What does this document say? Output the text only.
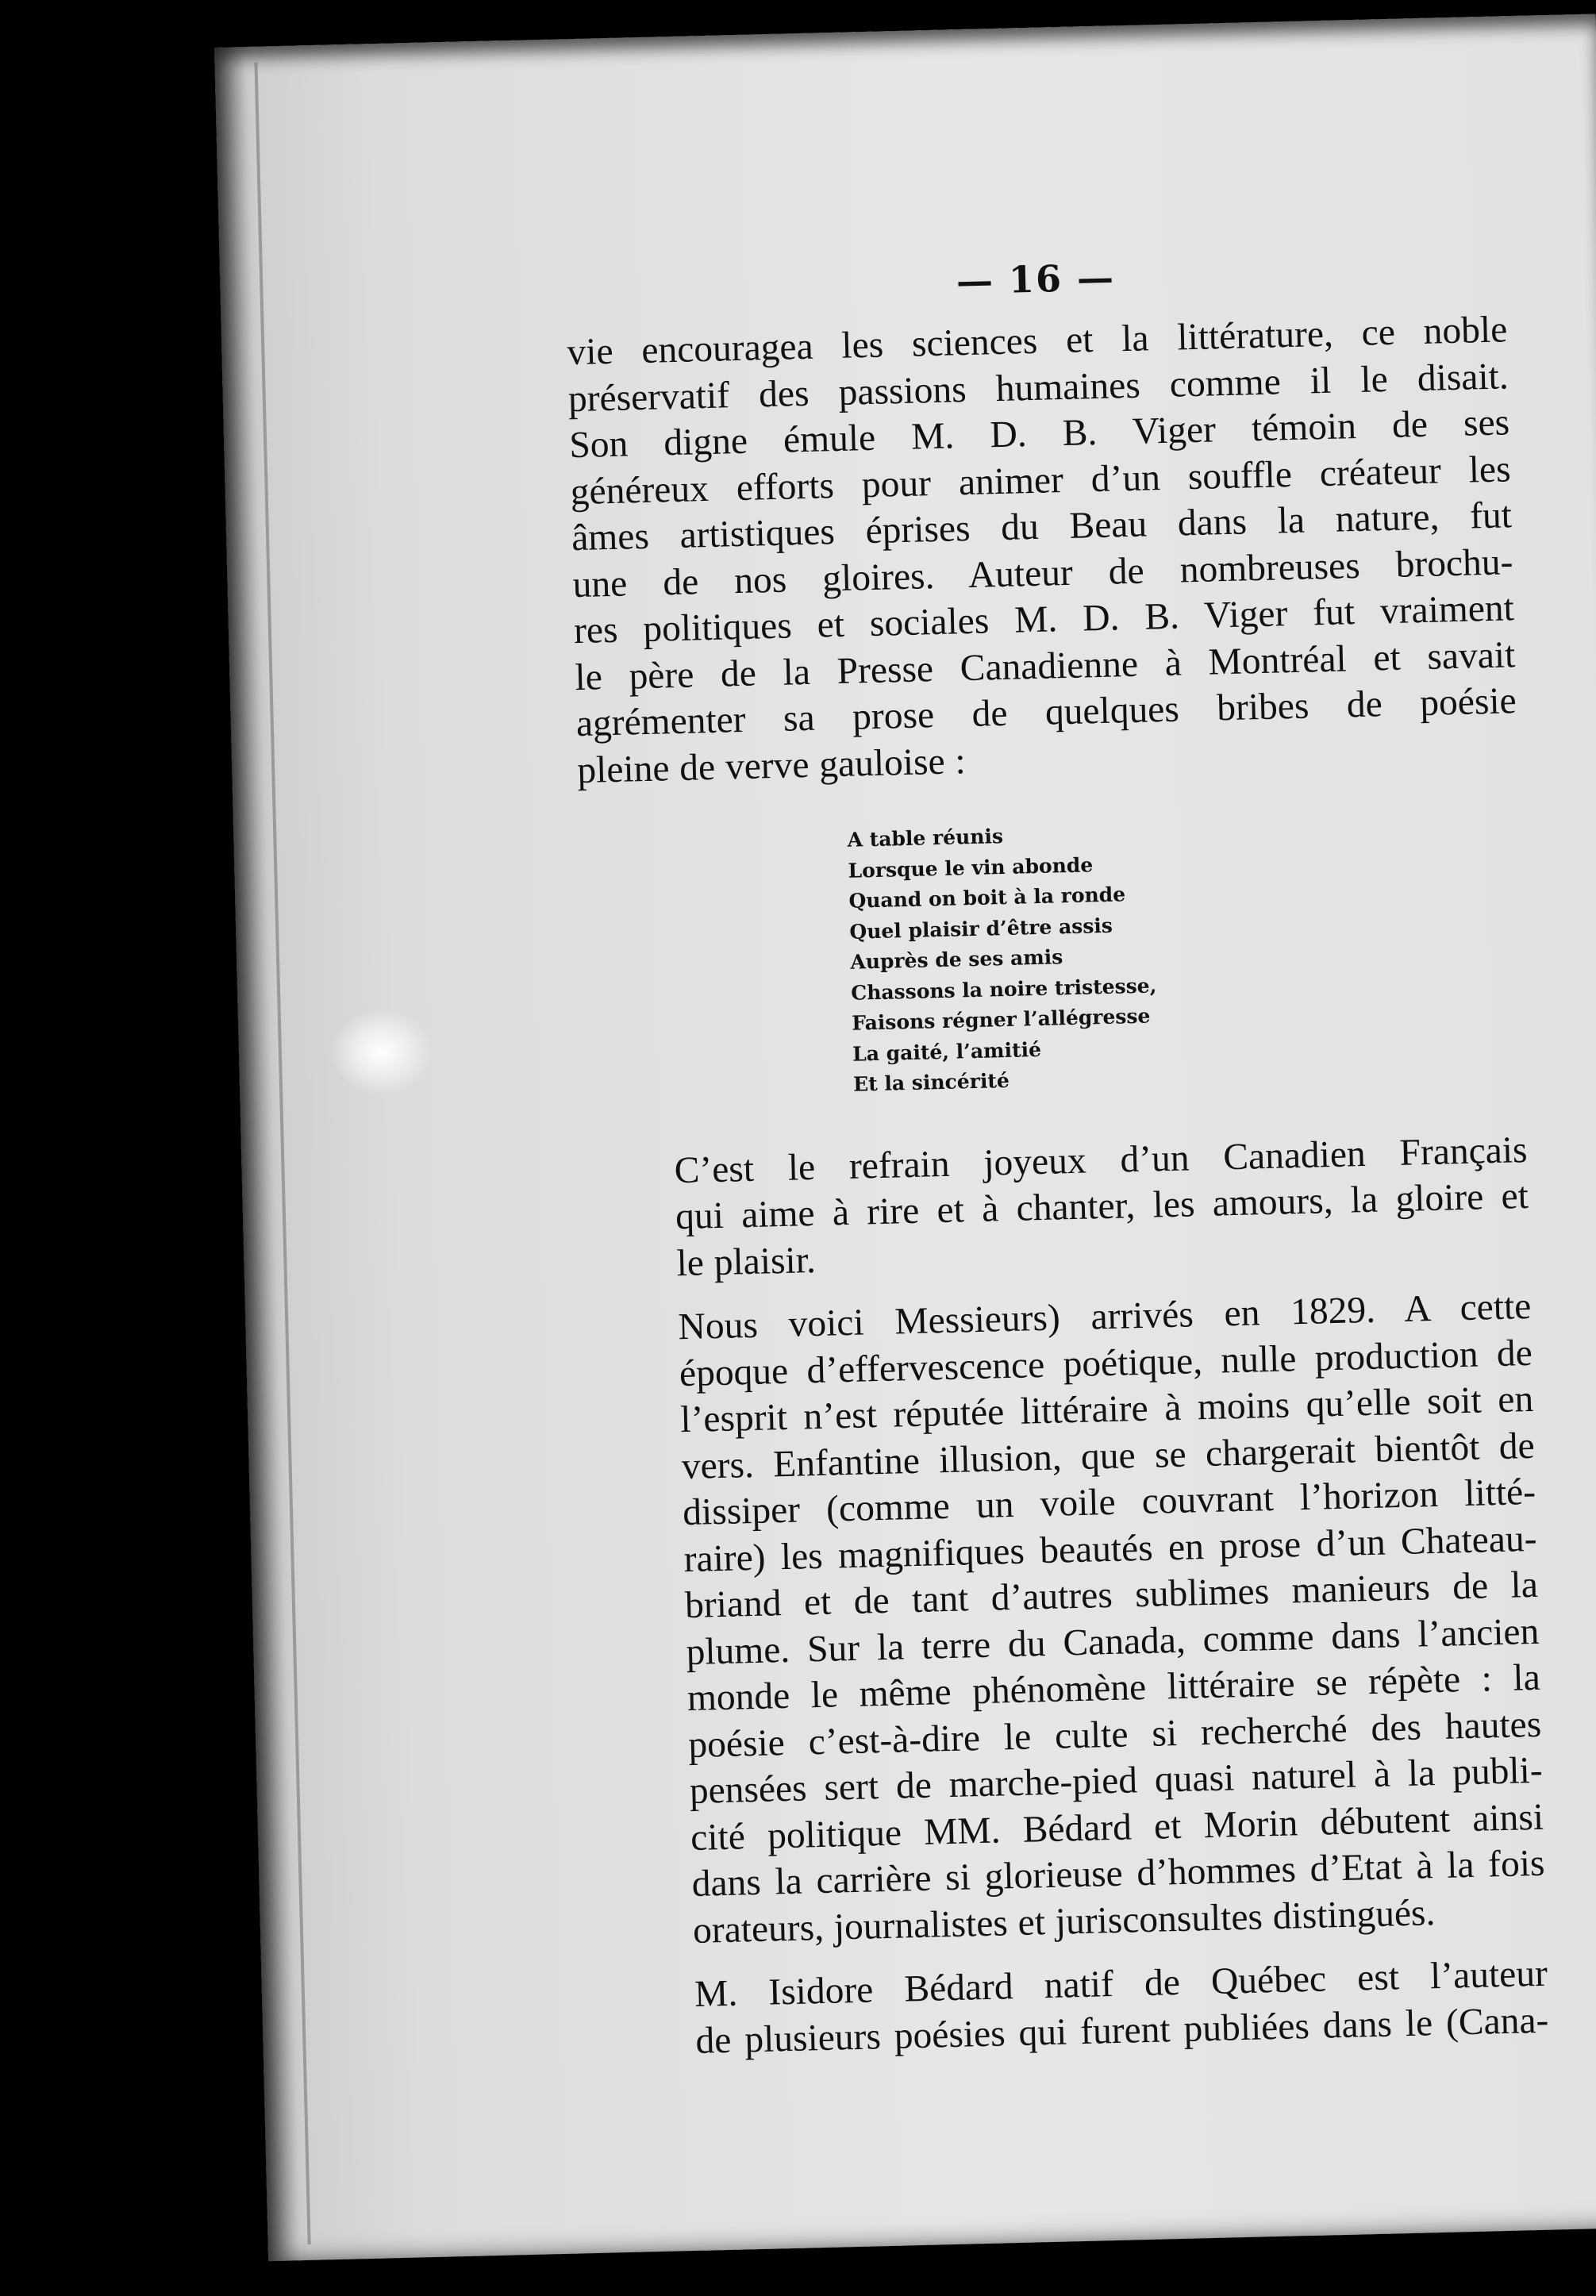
— 16 —

vie encouragea les sciences et la littérature, ce noble
préservatif des passions humaines comme il le disait.
Son digne émule M. D. B. Viger témoin de ses
généreux efforts pour animer d’un souffle créateur les
âmes artistiques éprises du Beau dans la nature, fut
une de nos gloires. Auteur de nombreuses brochu-
res politiques et sociales M. D. B. Viger fut vraiment
le père de la Presse Canadienne à Montréal et savait
agrémenter sa prose de quelques bribes de poésie
pleine de verve gauloise :

A table réunis
Lorsque le vin abonde
Quand on boit à la ronde
Quel plaisir d’être assis
Auprès de ses amis
Chassons la noire tristesse,
Faisons régner l’allégresse
La gaité, l’amitié
Et la sincérité

C’est le refrain joyeux d’un Canadien Français
qui aime à rire et à chanter, les amours, la gloire et
le plaisir.

Nous voici Messieurs) arrivés en 1829. A cette
époque d’effervescence poétique, nulle production de
l’esprit n’est réputée littéraire à moins qu’elle soit en
vers. Enfantine illusion, que se chargerait bientôt de
dissiper (comme un voile couvrant l’horizon litté-
raire) les magnifiques beautés en prose d’un Chateau-
briand et de tant d’autres sublimes manieurs de la
plume. Sur la terre du Canada, comme dans l’ancien
monde le même phénomène littéraire se répète : la
poésie c’est-à-dire le culte si recherché des hautes
pensées sert de marche-pied quasi naturel à la publi-
cité politique MM. Bédard et Morin débutent ainsi
dans la carrière si glorieuse d’hommes d’Etat à la fois
orateurs, journalistes et jurisconsultes distingués.

M. Isidore Bédard natif de Québec est l’auteur
de plusieurs poésies qui furent publiées dans le (Cana-
